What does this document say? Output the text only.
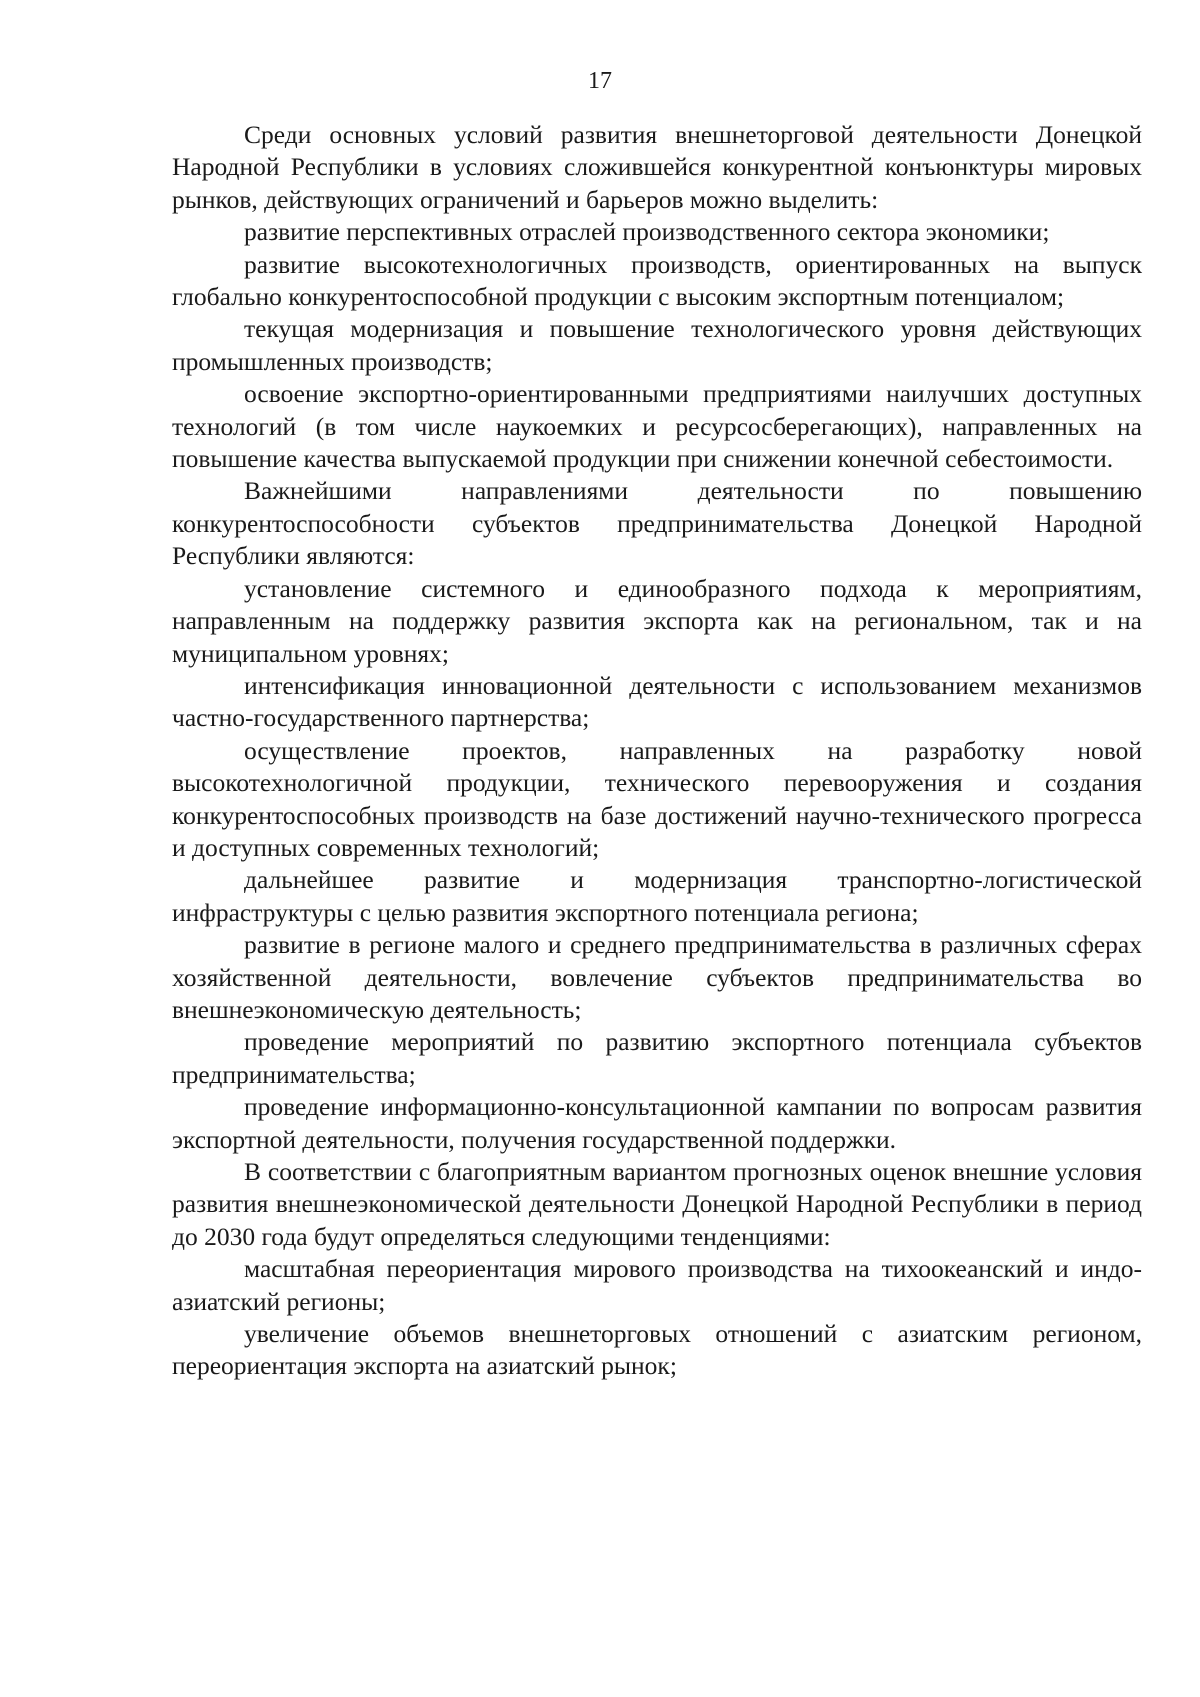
17

Среди основных условий развития внешнеторговой деятельности Донецкой Народной Республики в условиях сложившейся конкурентной конъюнктуры мировых рынков, действующих ограничений и барьеров можно выделить:

развитие перспективных отраслей производственного сектора экономики;

развитие высокотехнологичных производств, ориентированных на выпуск глобально конкурентоспособной продукции с высоким экспортным потенциалом;

текущая модернизация и повышение технологического уровня действующих промышленных производств;

освоение экспортно-ориентированными предприятиями наилучших доступных технологий (в том числе наукоемких и ресурсосберегающих), направленных на повышение качества выпускаемой продукции при снижении конечной себестоимости.

Важнейшими направлениями деятельности по повышению конкурентоспособности субъектов предпринимательства Донецкой Народной Республики являются:

установление системного и единообразного подхода к мероприятиям, направленным на поддержку развития экспорта как на региональном, так и на муниципальном уровнях;

интенсификация инновационной деятельности с использованием механизмов частно-государственного партнерства;

осуществление проектов, направленных на разработку новой высокотехнологичной продукции, технического перевооружения и создания конкурентоспособных производств на базе достижений научно-технического прогресса и доступных современных технологий;

дальнейшее развитие и модернизация транспортно-логистической инфраструктуры с целью развития экспортного потенциала региона;

развитие в регионе малого и среднего предпринимательства в различных сферах хозяйственной деятельности, вовлечение субъектов предпринимательства во внешнеэкономическую деятельность;

проведение мероприятий по развитию экспортного потенциала субъектов предпринимательства;

проведение информационно-консультационной кампании по вопросам развития экспортной деятельности, получения государственной поддержки.

В соответствии с благоприятным вариантом прогнозных оценок внешние условия развития внешнеэкономической деятельности Донецкой Народной Республики в период до 2030 года будут определяться следующими тенденциями:

масштабная переориентация мирового производства на тихоокеанский и индо-азиатский регионы;

увеличение объемов внешнеторговых отношений с азиатским регионом, переориентация экспорта на азиатский рынок;
